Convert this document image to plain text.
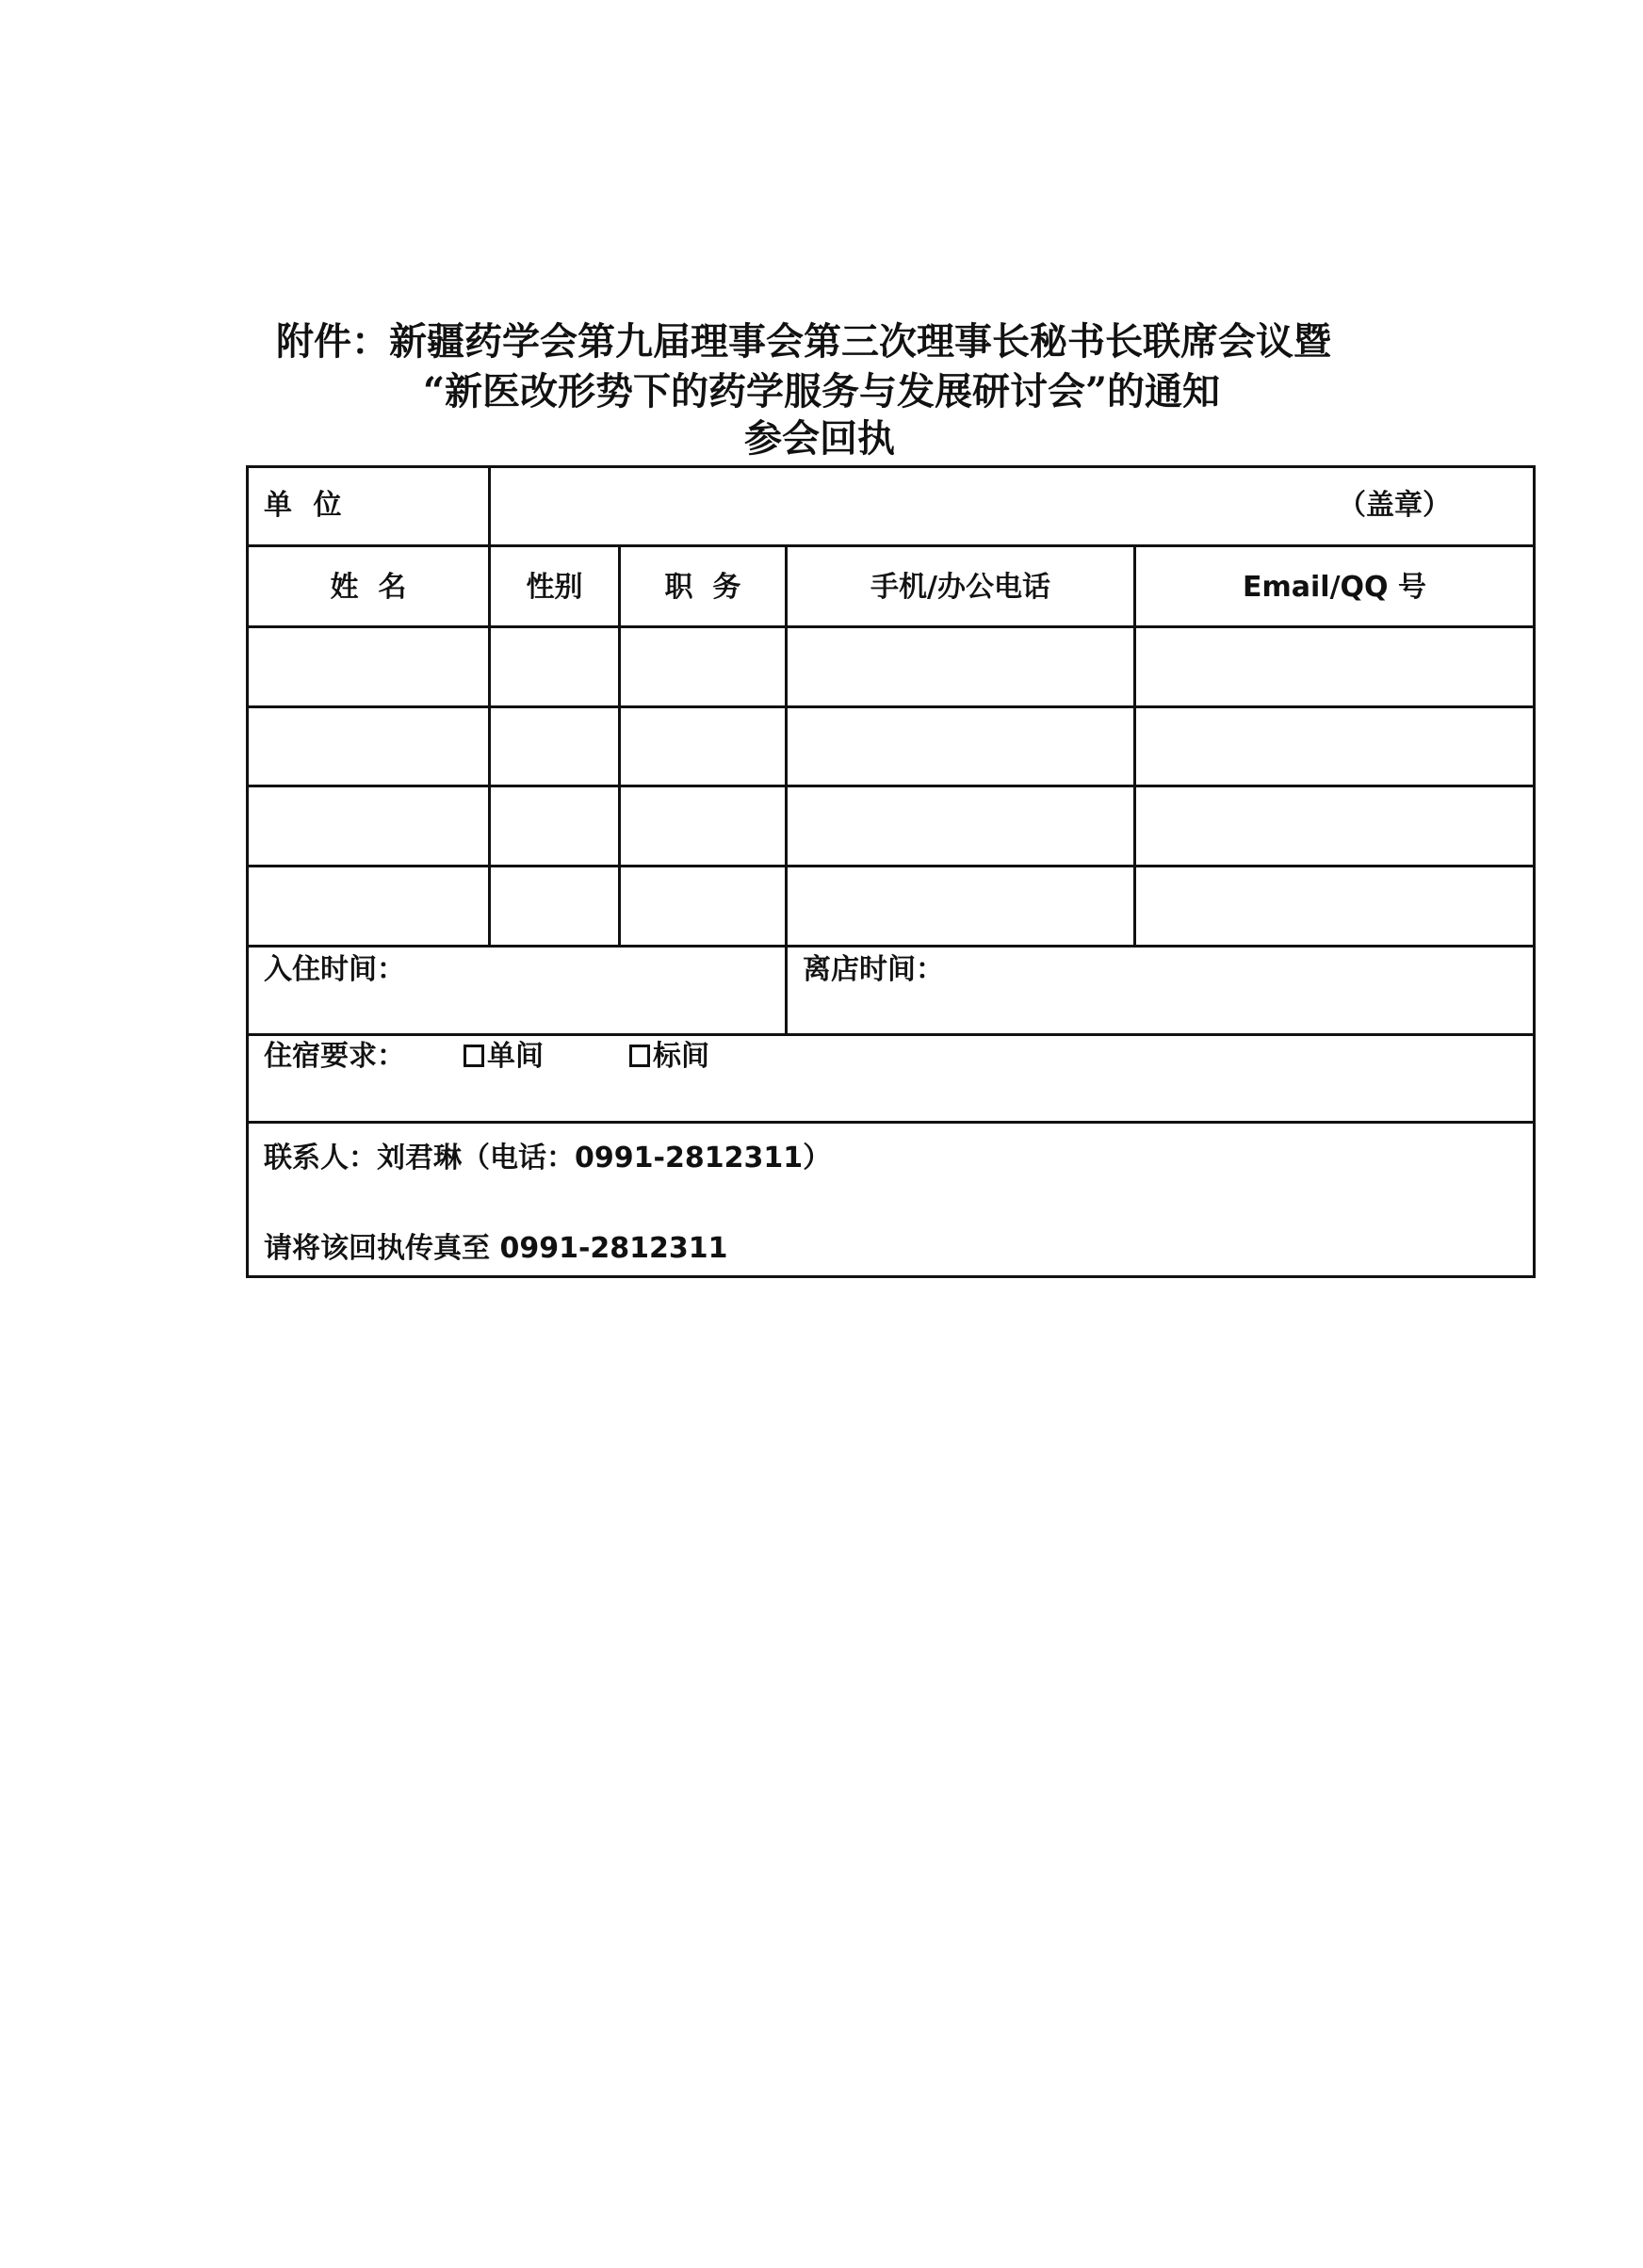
附件：新疆药学会第九届理事会第三次理事长秘书长联席会议暨
“新医改形势下的药学服务与发展研讨会”的通知
参会回执
单 位	（盖章）
姓  名	性别	职  务	手机/办公电话	Email/QQ 号
入住时间：	离店时间：
住宿要求：	单间	标间
联系人：刘君琳（电话：0991-2812311）
请将该回执传真至 0991-2812311
